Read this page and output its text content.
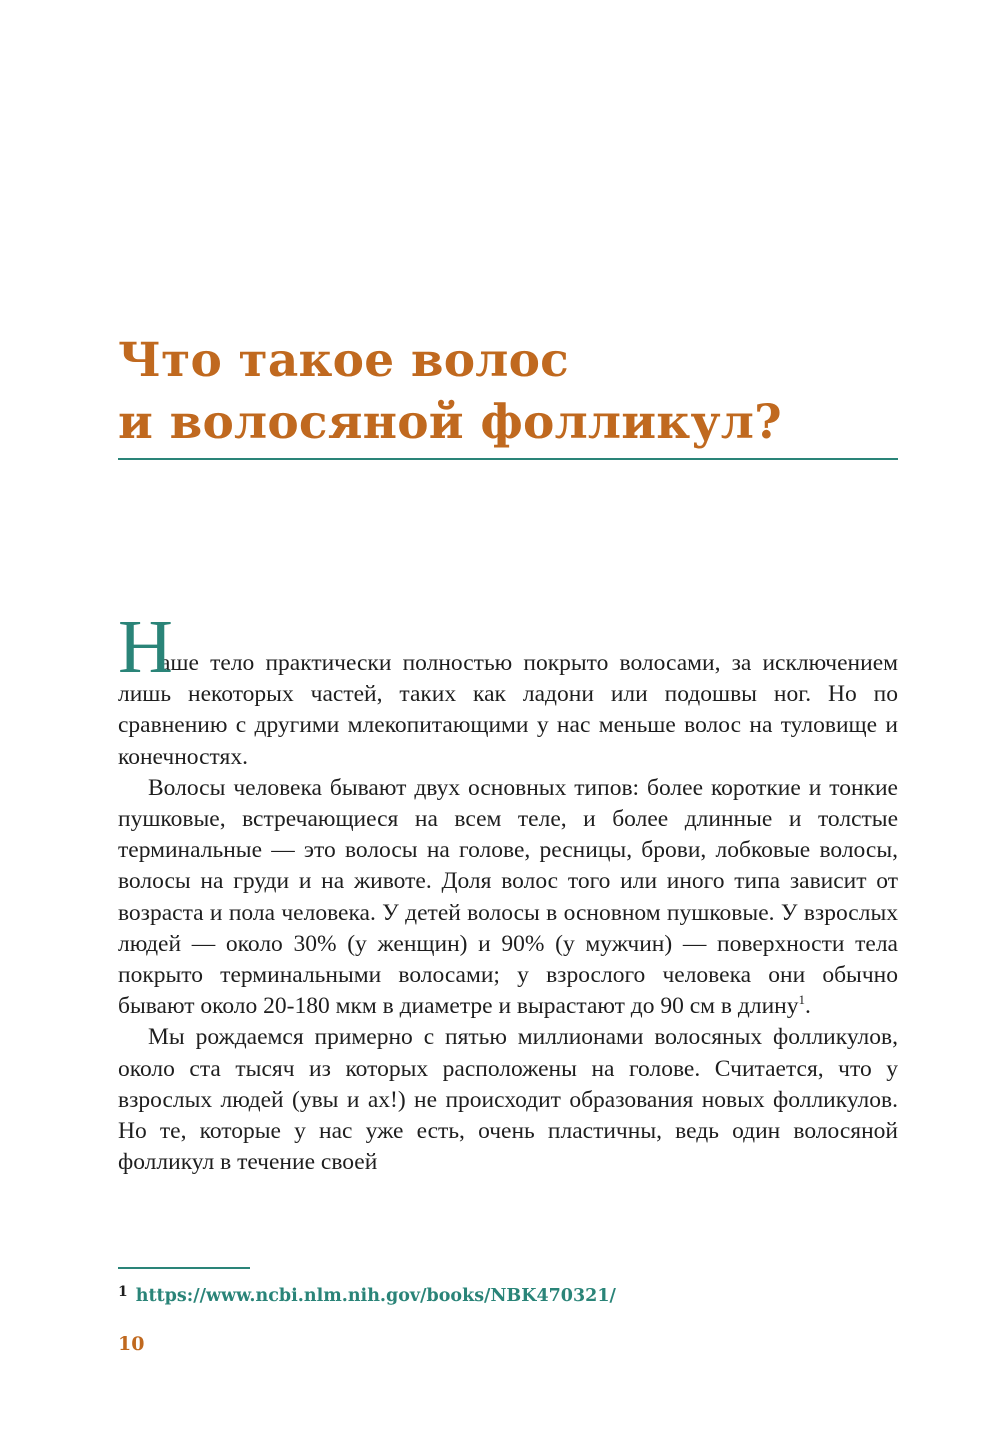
Что такое волос
и волосяной фолликул?

Н
аше тело практически полностью покрыто волосами, за исключением лишь некоторых частей, таких как ладони или подошвы ног. Но по сравнению с другими млекопитающими у нас меньше волос на туловище и конечностях.

Волосы человека бывают двух основных типов: более короткие и тонкие пушковые, встречающиеся на всем теле, и более длинные и толстые терминальные — это волосы на голове, ресницы, брови, лобковые волосы, волосы на груди и на животе. Доля волос того или иного типа зависит от возраста и пола человека. У детей волосы в основном пушковые. У взрослых людей — около 30% (у женщин) и 90% (у мужчин) — поверхности тела покрыто терминальными волосами; у взрослого человека они обычно бывают около 20-180 мкм в диаметре и вырастают до 90 см в длину$^1$.

Мы рождаемся примерно с пятью миллионами волосяных фолликулов, около ста тысяч из которых расположены на голове. Считается, что у взрослых людей (увы и ах!) не происходит образования новых фолликулов. Но те, которые у нас уже есть, очень пластичны, ведь один волосяной фолликул в течение своей

$^1$ https://www.ncbi.nlm.nih.gov/books/NBK470321/
10
